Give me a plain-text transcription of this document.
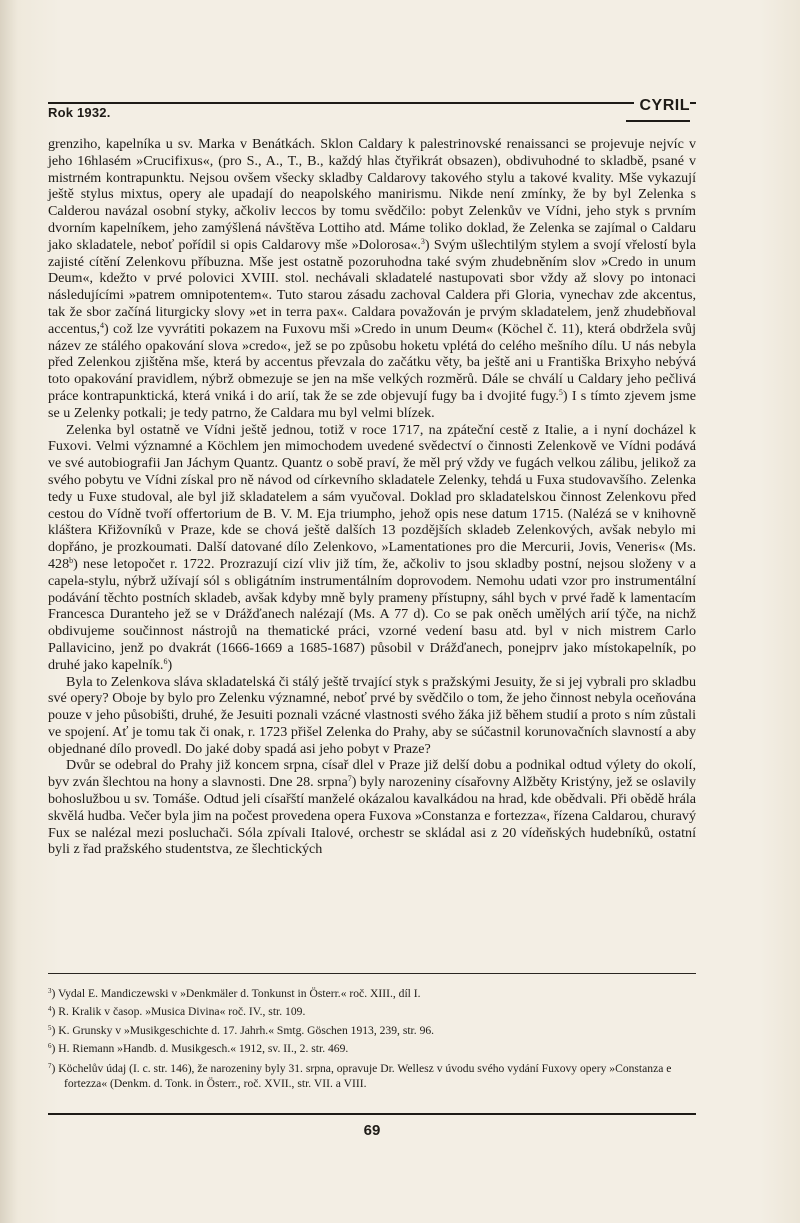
Rok 1932.	CYRIL

grenziho, kapelníka u sv. Marka v Benátkách. Sklon Caldary k palestrinovské renaissanci se projevuje nejvíc v jeho 16hlasém »Crucifixus«, (pro S., A., T., B., každý hlas čtyřikrát obsazen), obdivuhodné to skladbě, psané v mistrném kontrapunktu. Nejsou ovšem všecky skladby Caldarovy takového stylu a takové kvality. Mše vykazují ještě stylus mixtus, opery ale upadají do neapolského manirismu. Nikde není zmínky, že by byl Zelenka s Calderou navázal osobní styky, ačkoliv leccos by tomu svědčilo: pobyt Zelenkův ve Vídni, jeho styk s prvním dvorním kapelníkem, jeho zamýšlená návštěva Lottiho atd. Máme toliko doklad, že Zelenka se zajímal o Caldaru jako skladatele, neboť pořídil si opis Caldarovy mše »Dolorosa«.$^3$) Svým ušlechtilým stylem a svojí vřelostí byla zajisté cítění Zelenkovu příbuzna. Mše jest ostatně pozoruhodna také svým zhudebněním slov »Credo in unum Deum«, kdežto v prvé polovici XVIII. stol. nechávali skladatelé nastupovati sbor vždy až slovy po intonaci následujícími »patrem omnipotentem«. Tuto starou zásadu zachoval Caldera při Gloria, vynechav zde akcentus, tak že sbor začíná liturgicky slovy »et in terra pax«. Caldara považován je prvým skladatelem, jenž zhudebňoval accentus,$^4$) což lze vyvrátiti pokazem na Fuxovu mši »Credo in unum Deum« (Köchel č. 11), která obdržela svůj název ze stálého opakování slova »credo«, jež se po způsobu hoketu vplétá do celého mešního dílu. U nás nebyla před Zelenkou zjištěna mše, která by accentus převzala do začátku věty, ba ještě ani u Františka Brixyho nebývá toto opakování pravidlem, nýbrž obmezuje se jen na mše velkých rozměrů. Dále se chválí u Caldary jeho pečlivá práce kontrapunktická, která vniká i do arií, tak že se zde objevují fugy ba i dvojité fugy.$^5$) I s tímto zjevem jsme se u Zelenky potkali; je tedy patrno, že Caldara mu byl velmi blízek.

Zelenka byl ostatně ve Vídni ještě jednou, totiž v roce 1717, na zpáteční cestě z Italie, a i nyní docházel k Fuxovi. Velmi významné a Köchlem jen mimochodem uvedené svědectví o činnosti Zelenkově ve Vídni podává ve své autobiografii Jan Jáchym Quantz. Quantz o sobě praví, že měl prý vždy ve fugách velkou zálibu, jelikož za svého pobytu ve Vídni získal pro ně návod od církevního skladatele Zelenky, tehdá u Fuxa studovavšího. Zelenka tedy u Fuxe studoval, ale byl již skladatelem a sám vyučoval. Doklad pro skladatelskou činnost Zelenkovu před cestou do Vídně tvoří offertorium de B. V. M. Eja triumpho, jehož opis nese datum 1715. (Nalézá se v knihovně kláštera Křižovníků v Praze, kde se chová ještě dalších 13 pozdějších skladeb Zelenkových, avšak nebylo mi dopřáno, je prozkoumati. Další datované dílo Zelenkovo, »Lamentationes pro die Mercurii, Jovis, Veneris« (Ms. 428$^b$) nese letopočet r. 1722. Prozrazují cizí vliv již tím, že, ačkoliv to jsou skladby postní, nejsou složeny v a capela-stylu, nýbrž užívají sól s obligátním instrumentálním doprovodem. Nemohu udati vzor pro instrumentální podávání těchto postních skladeb, avšak kdyby mně byly prameny přístupny, sáhl bych v prvé řadě k lamentacím Francesca Duranteho jež se v Drážďanech nalézají (Ms. A 77 d). Co se pak oněch umělých arií týče, na nichž obdivujeme součinnost nástrojů na thematické práci, vzorné vedení basu atd. byl v nich mistrem Carlo Pallavicino, jenž po dvakrát (1666-1669 a 1685-1687) působil v Drážďanech, ponejprv jako místokapelník, po druhé jako kapelník.$^6$)

Byla to Zelenkova sláva skladatelská či stálý ještě trvající styk s pražskými Jesuity, že si jej vybrali pro skladbu své opery? Oboje by bylo pro Zelenku významné, neboť prvé by svědčilo o tom, že jeho činnost nebyla oceňována pouze v jeho působišti, druhé, že Jesuiti poznali vzácné vlastnosti svého žáka již během studií a proto s ním zůstali ve spojení. Ať je tomu tak či onak, r. 1723 přišel Zelenka do Prahy, aby se súčastnil korunovačních slavností a aby objednané dílo provedl. Do jaké doby spadá asi jeho pobyt v Praze?

Dvůr se odebral do Prahy již koncem srpna, císař dlel v Praze již delší dobu a podnikal odtud výlety do okolí, byv zván šlechtou na hony a slavnosti. Dne 28. srpna$^7$) byly narozeniny císařovny Alžběty Kristýny, jež se oslavily bohoslužbou u sv. Tomáše. Odtud jeli císařští manželé okázalou kavalkádou na hrad, kde obědvali. Při obědě hrála skvělá hudba. Večer byla jim na počest provedena opera Fuxova »Constanza e fortezza«, řízena Caldarou, churavý Fux se nalézal mezi posluchači. Sóla zpívali Italové, orchestr se skládal asi z 20 vídeňských hudebníků, ostatní byli z řad pražského studentstva, ze šlechtických

$^3$) Vydal E. Mandiczewski v »Denkmäler d. Tonkunst in Österr.« roč. XIII., díl I.

$^4$) R. Kralik v časop. »Musica Divina« roč. IV., str. 109.

$^5$) K. Grunsky v »Musikgeschichte d. 17. Jahrh.« Smtg. Göschen 1913, 239, str. 96.

$^6$) H. Riemann »Handb. d. Musikgesch.« 1912, sv. II., 2. str. 469.

$^7$) Köchelův údaj (I. c. str. 146), že narozeniny byly 31. srpna, opravuje Dr. Wellesz v úvodu svého vydání Fuxovy opery »Constanza e fortezza« (Denkm. d. Tonk. in Österr., roč. XVII., str. VII. a VIII.

69
